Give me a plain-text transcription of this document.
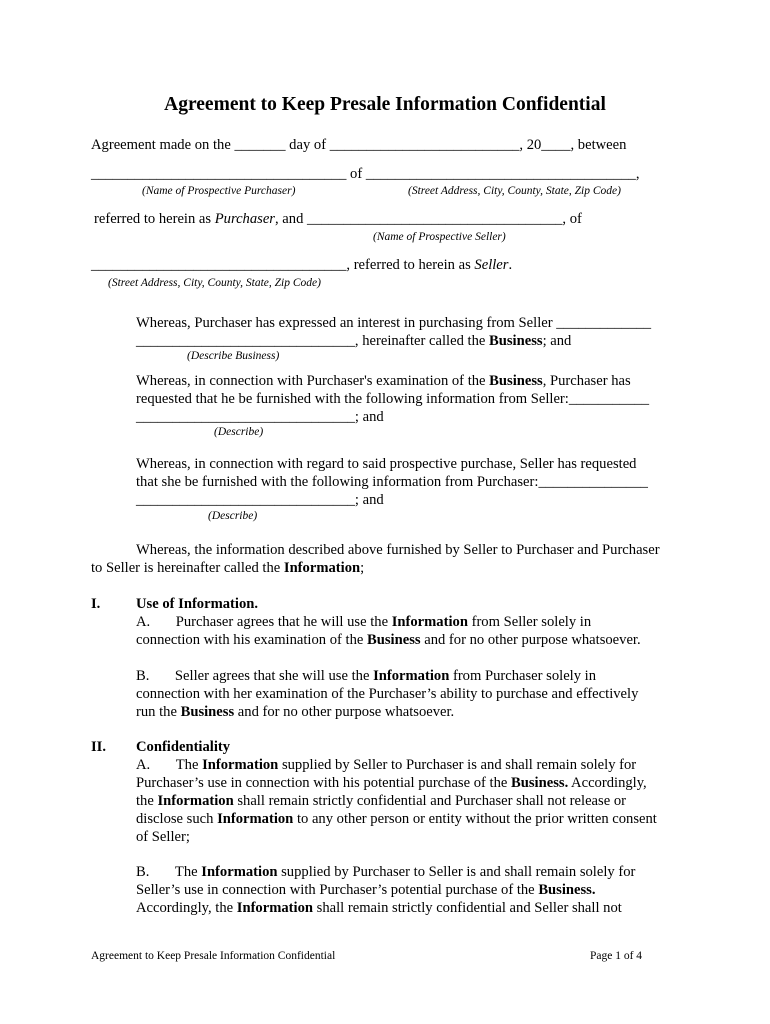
Agreement to Keep Presale Information Confidential
Agreement made on the _______ day of __________________________, 20____, between
___________________________________ of _____________________________________,
(Name of Prospective Purchaser)	(Street Address, City, County, State, Zip Code)
referred to herein as Purchaser, and ___________________________________, of
(Name of Prospective Seller)
___________________________________, referred to herein as Seller.
(Street Address, City, County, State, Zip Code)
Whereas, Purchaser has expressed an interest in purchasing from Seller _____________
______________________________, hereinafter called the Business; and
(Describe Business)
Whereas, in connection with Purchaser's examination of the Business, Purchaser has
requested that he be furnished with the following information from Seller:___________
______________________________; and
(Describe)
Whereas, in connection with regard to said prospective purchase, Seller has requested
that she be furnished with the following information from Purchaser:_______________
______________________________; and
(Describe)
Whereas, the information described above furnished by Seller to Purchaser and Purchaser
to Seller is hereinafter called the Information;
I. Use of Information.
A.       Purchaser agrees that he will use the Information from Seller solely in
connection with his examination of the Business and for no other purpose whatsoever.
B.       Seller agrees that she will use the Information from Purchaser solely in
connection with her examination of the Purchaser’s ability to purchase and effectively
run the Business and for no other purpose whatsoever.
II. Confidentiality
A.       The Information supplied by Seller to Purchaser is and shall remain solely for
Purchaser’s use in connection with his potential purchase of the Business. Accordingly,
the Information shall remain strictly confidential and Purchaser shall not release or
disclose such Information to any other person or entity without the prior written consent
of Seller;
B.       The Information supplied by Purchaser to Seller is and shall remain solely for
Seller’s use in connection with Purchaser’s potential purchase of the Business.
Accordingly, the Information shall remain strictly confidential and Seller shall not
Agreement to Keep Presale Information Confidential	Page 1 of 4
